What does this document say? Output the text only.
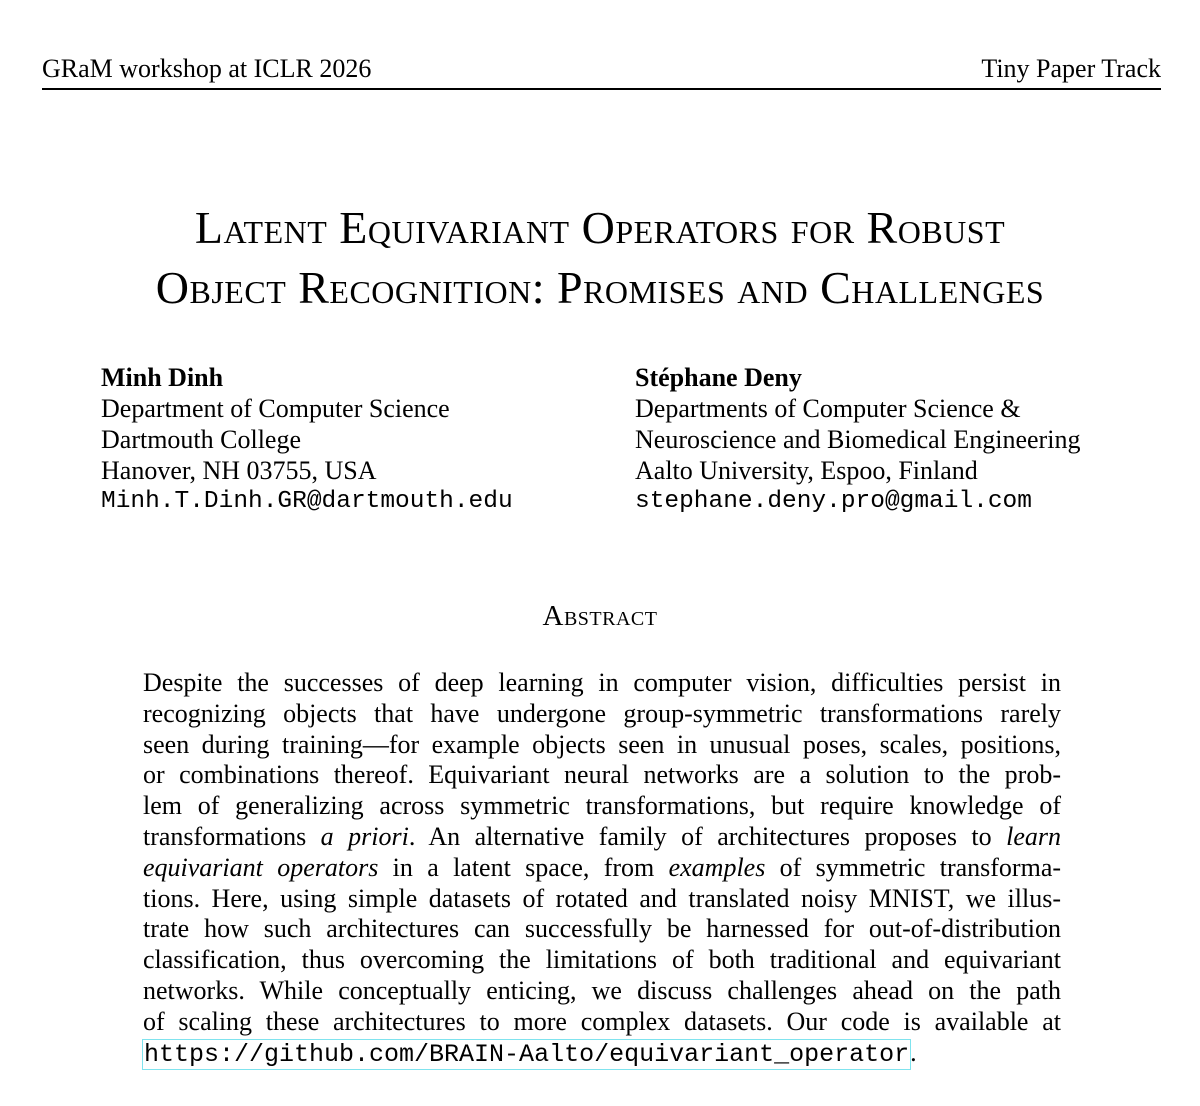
GRaM workshop at ICLR 2026	Tiny Paper Track
Latent Equivariant Operators for Robust
Object Recognition: Promises and Challenges
Minh Dinh
Department of Computer Science
Dartmouth College
Hanover, NH 03755, USA
Minh.T.Dinh.GR@dartmouth.edu
Stéphane Deny
Departments of Computer Science &
Neuroscience and Biomedical Engineering
Aalto University, Espoo, Finland
stephane.deny.pro@gmail.com
Abstract
Despite the successes of deep learning in computer vision, difficulties persist in
recognizing objects that have undergone group-symmetric transformations rarely
seen during training—for example objects seen in unusual poses, scales, positions,
or combinations thereof. Equivariant neural networks are a solution to the prob-
lem of generalizing across symmetric transformations, but require knowledge of
transformations a priori. An alternative family of architectures proposes to learn
equivariant operators in a latent space, from examples of symmetric transforma-
tions. Here, using simple datasets of rotated and translated noisy MNIST, we illus-
trate how such architectures can successfully be harnessed for out-of-distribution
classification, thus overcoming the limitations of both traditional and equivariant
networks. While conceptually enticing, we discuss challenges ahead on the path
of scaling these architectures to more complex datasets. Our code is available at
https://github.com/BRAIN-Aalto/equivariant_operator.
